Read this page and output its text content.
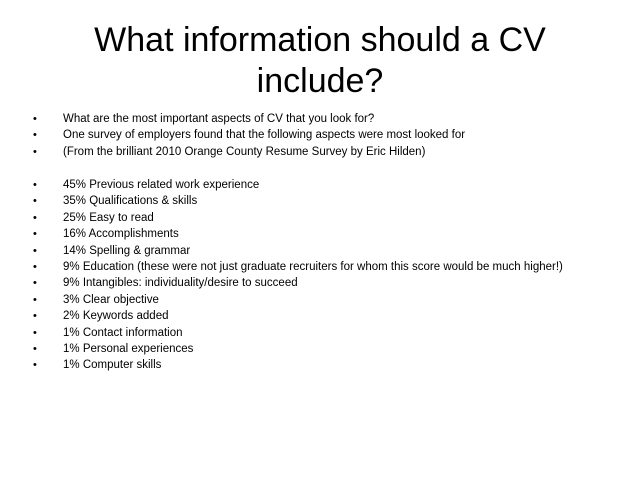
What information should a CV
include?
• What are the most important aspects of CV that you look for?
• One survey of employers found that the following aspects were most looked for
• (From the brilliant 2010 Orange County Resume Survey by Eric Hilden)
• 45% Previous related work experience
• 35% Qualifications & skills
• 25% Easy to read
• 16% Accomplishments
• 14% Spelling & grammar
• 9% Education (these were not just graduate recruiters for whom this score would be much higher!)
• 9% Intangibles: individuality/desire to succeed
• 3% Clear objective
• 2% Keywords added
• 1% Contact information
• 1% Personal experiences
• 1% Computer skills
